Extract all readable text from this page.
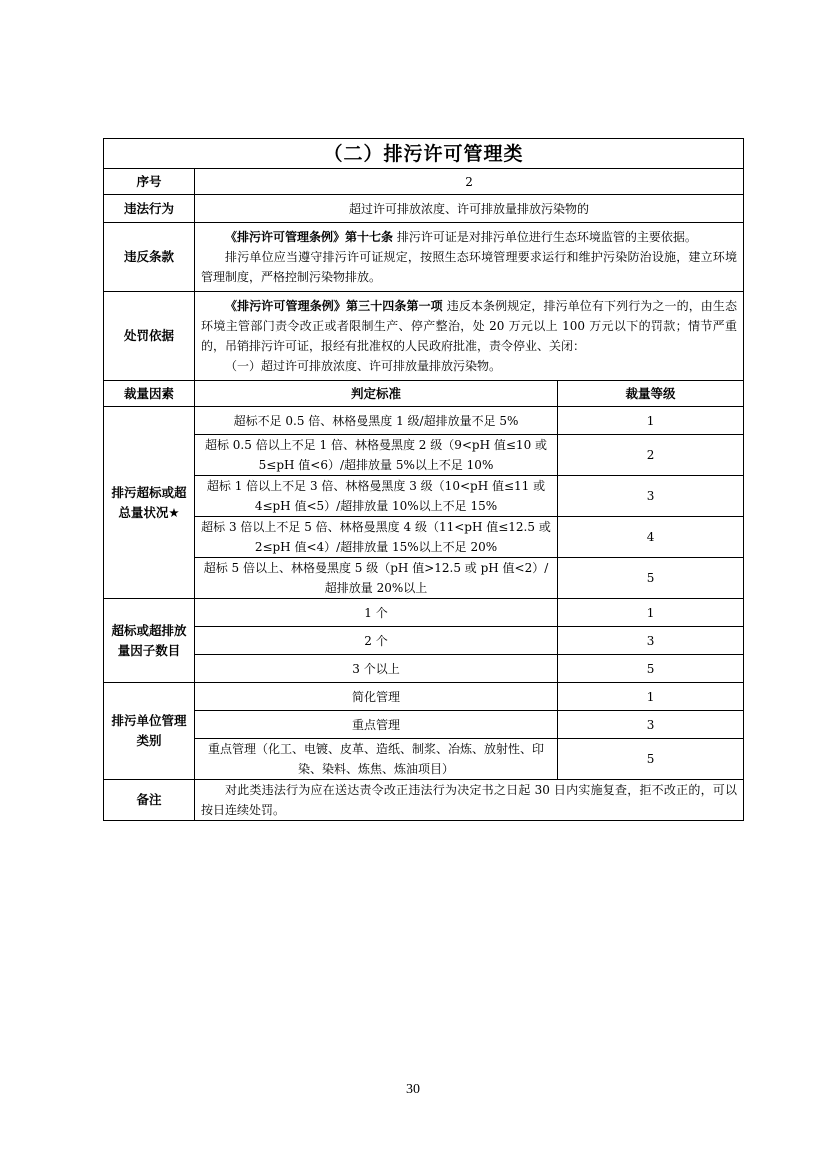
（二）排污许可管理类		
序号	2	
违法行为	超过许可排放浓度、许可排放量排放污染物的	
违反条款	《排污许可管理条例》第十七条 排污许可证是对排污单位进行生态环境监管的主要依据。
排污单位应当遵守排污许可证规定，按照生态环境管理要求运行和维护污染防治设施，建立环境管理制度，严格控制污染物排放。	

处罚依据	《排污许可管理条例》第三十四条第一项 违反本条例规定，排污单位有下列行为之一的，由生态环境主管部门责令改正或者限制生产、停产整治，处 20 万元以上 100 万元以下的罚款；情节严重的，吊销排污许可证，报经有批准权的人民政府批准，责令停业、关闭：
（一）超过许可排放浓度、许可排放量排放污染物。	

裁量因素	判定标准	裁量等级
排污超标或超总量状况★	超标不足 0.5 倍、林格曼黑度 1 级/超排放量不足 5%	1
	超标 0.5 倍以上不足 1 倍、林格曼黑度 2 级（9<pH 值≤10 或 5≤pH 值<6）/超排放量 5%以上不足 10%	2
	超标 1 倍以上不足 3 倍、林格曼黑度 3 级（10<pH 值≤11 或 4≤pH 值<5）/超排放量 10%以上不足 15%	3
	超标 3 倍以上不足 5 倍、林格曼黑度 4 级（11<pH 值≤12.5 或 2≤pH 值<4）/超排放量 15%以上不足 20%	4
	超标 5 倍以上、林格曼黑度 5 级（pH 值>12.5 或 pH 值<2）/超排放量 20%以上	5
超标或超排放量因子数目	1 个	1
	2 个	3
	3 个以上	5
排污单位管理类别	简化管理	1
	重点管理	3
	重点管理（化工、电镀、皮革、造纸、制浆、冶炼、放射性、印染、染料、炼焦、炼油项目）	5
备注	对此类违法行为应在送达责令改正违法行为决定书之日起 30 日内实施复查，拒不改正的，可以按日连续处罚。	
30
